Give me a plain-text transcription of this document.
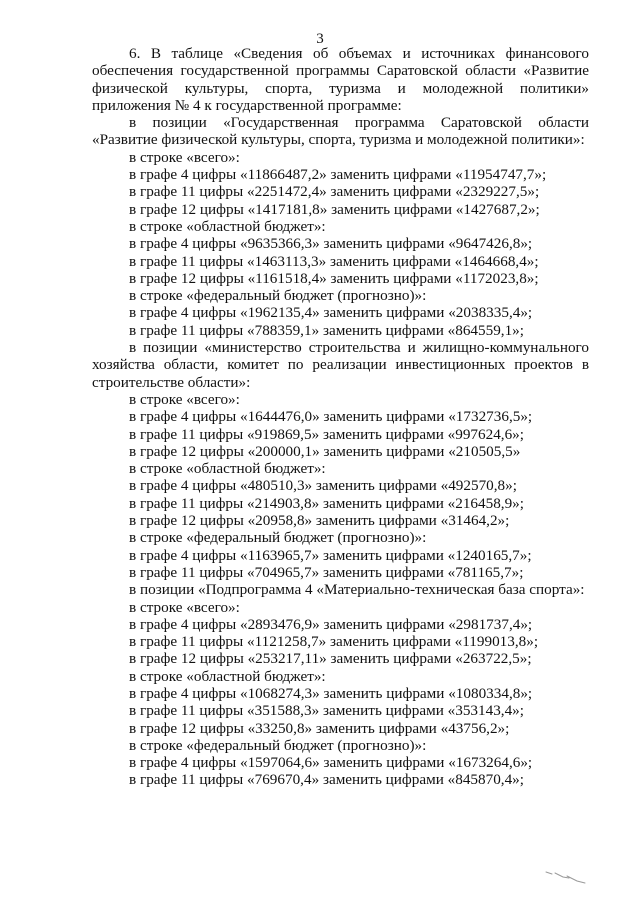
3

6. В таблице «Сведения об объемах и источниках финансового обеспечения государственной программы Саратовской области «Развитие физической культуры, спорта, туризма и молодежной политики» приложения № 4 к государственной программе:

в позиции «Государственная программа Саратовской области «Развитие физической культуры, спорта, туризма и молодежной политики»:

в строке «всего»:

в графе 4 цифры «11866487,2» заменить цифрами «11954747,7»;

в графе 11 цифры «2251472,4» заменить цифрами «2329227,5»;

в графе 12 цифры «1417181,8» заменить цифрами «1427687,2»;

в строке «областной бюджет»:

в графе 4 цифры «9635366,3» заменить цифрами «9647426,8»;

в графе 11 цифры «1463113,3» заменить цифрами «1464668,4»;

в графе 12 цифры «1161518,4» заменить цифрами «1172023,8»;

в строке «федеральный бюджет (прогнозно)»:

в графе 4 цифры «1962135,4» заменить цифрами «2038335,4»;

в графе 11 цифры «788359,1» заменить цифрами «864559,1»;

в позиции «министерство строительства и жилищно-коммунального хозяйства области, комитет по реализации инвестиционных проектов в строительстве области»:

в строке «всего»:

в графе 4 цифры «1644476,0» заменить цифрами «1732736,5»;

в графе 11 цифры «919869,5» заменить цифрами «997624,6»;

в графе 12 цифры «200000,1» заменить цифрами «210505,5»

в строке «областной бюджет»:

в графе 4 цифры «480510,3» заменить цифрами «492570,8»;

в графе 11 цифры «214903,8» заменить цифрами «216458,9»;

в графе 12 цифры «20958,8» заменить цифрами «31464,2»;

в строке «федеральный бюджет (прогнозно)»:

в графе 4 цифры «1163965,7» заменить цифрами «1240165,7»;

в графе 11 цифры «704965,7» заменить цифрами «781165,7»;

в позиции «Подпрограмма 4 «Материально-техническая база спорта»:

в строке «всего»:

в графе 4 цифры «2893476,9» заменить цифрами «2981737,4»;

в графе 11 цифры «1121258,7» заменить цифрами «1199013,8»;

в графе 12 цифры «253217,11» заменить цифрами «263722,5»;

в строке «областной бюджет»:

в графе 4 цифры «1068274,3» заменить цифрами «1080334,8»;

в графе 11 цифры «351588,3» заменить цифрами «353143,4»;

в графе 12 цифры «33250,8» заменить цифрами «43756,2»;

в строке «федеральный бюджет (прогнозно)»:

в графе 4 цифры «1597064,6» заменить цифрами «1673264,6»;

в графе 11 цифры «769670,4» заменить цифрами «845870,4»;
